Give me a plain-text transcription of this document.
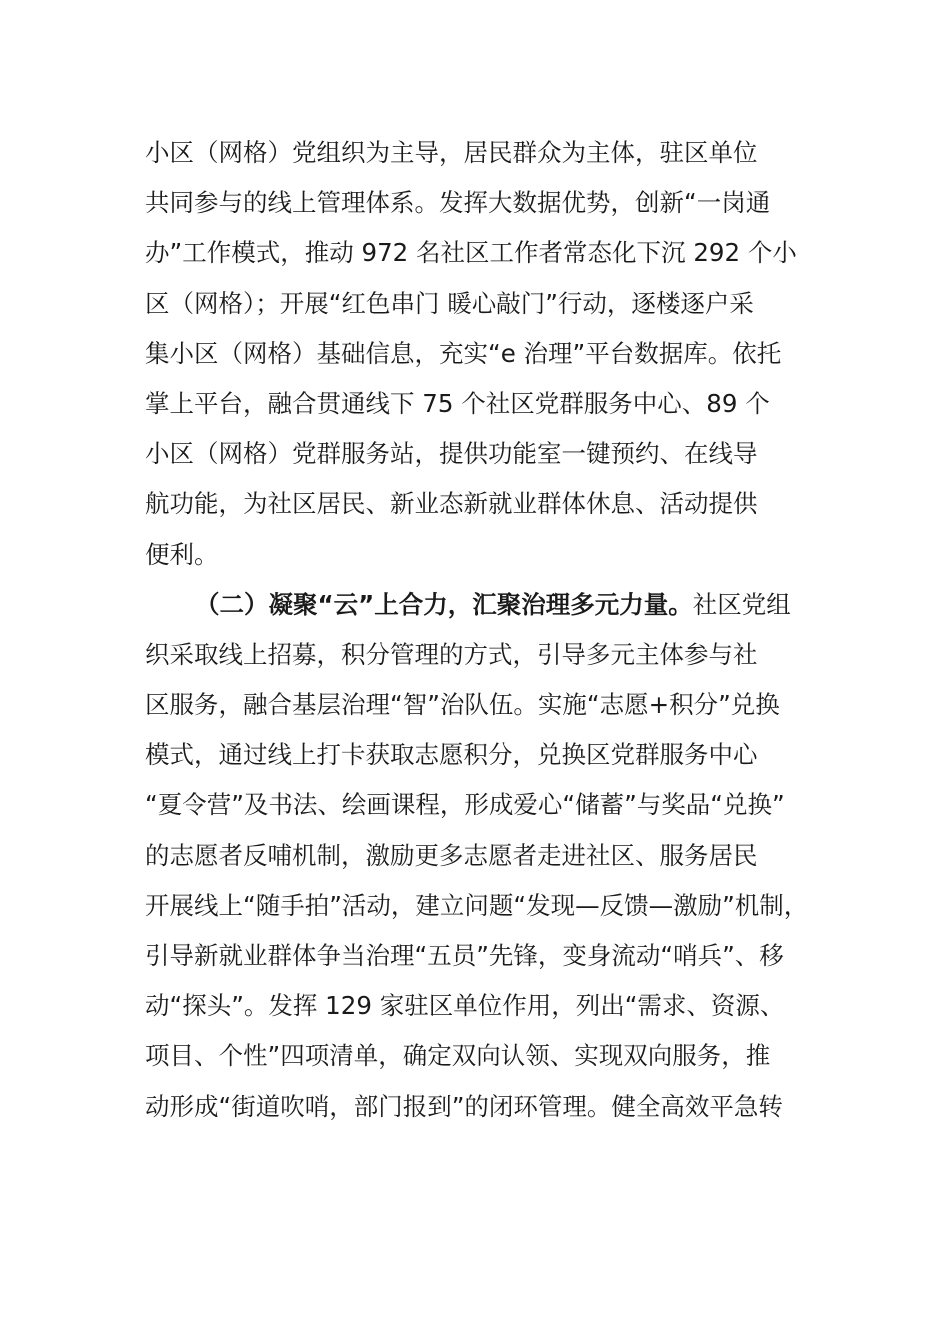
小区（网格）党组织为主导，居民群众为主体，驻区单位
共同参与的线上管理体系。发挥大数据优势，创新“一岗通
办”工作模式，推动 972 名社区工作者常态化下沉 292 个小
区（网格）；开展“红色串门 暖心敲门”行动，逐楼逐户采
集小区（网格）基础信息，充实“e 治理”平台数据库。依托
掌上平台，融合贯通线下 75 个社区党群服务中心、89 个
小区（网格）党群服务站，提供功能室一键预约、在线导
航功能，为社区居民、新业态新就业群体休息、活动提供
便利。
（二）凝聚“云”上合力，汇聚治理多元力量。社区党组
织采取线上招募，积分管理的方式，引导多元主体参与社
区服务，融合基层治理“智”治队伍。实施“志愿+积分”兑换
模式，通过线上打卡获取志愿积分，兑换区党群服务中心
“夏令营”及书法、绘画课程，形成爱心“储蓄”与奖品“兑换”
的志愿者反哺机制，激励更多志愿者走进社区、服务居民
开展线上“随手拍”活动，建立问题“发现—反馈—激励”机制，
引导新就业群体争当治理“五员”先锋，变身流动“哨兵”、移
动“探头”。发挥 129 家驻区单位作用，列出“需求、资源、
项目、个性”四项清单，确定双向认领、实现双向服务，推
动形成“街道吹哨，部门报到”的闭环管理。健全高效平急转
